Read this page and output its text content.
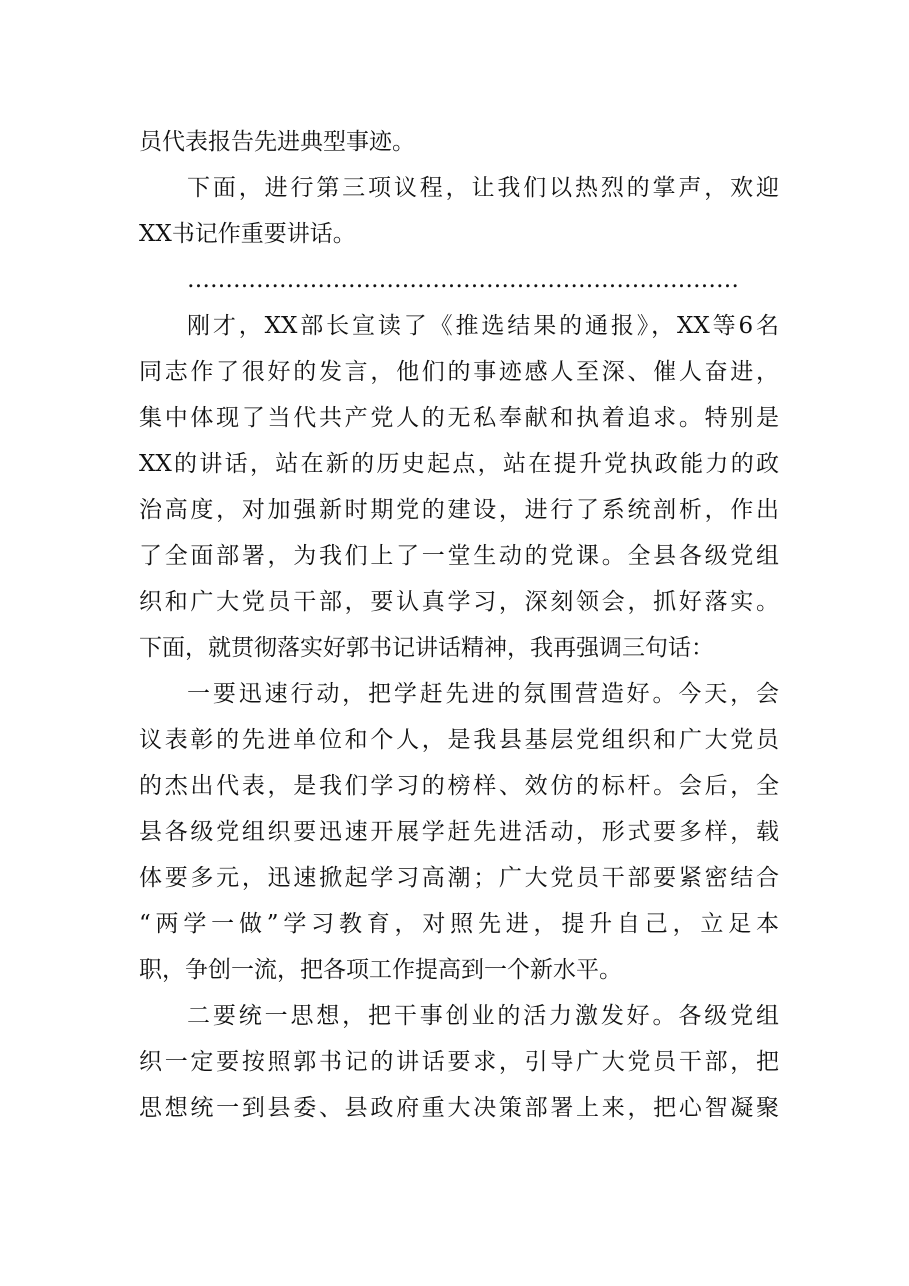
员代表报告先进典型事迹。

下面，进行第三项议程，让我们以热烈的掌声，欢迎

XX书记作重要讲话。

………………………………………………………………

刚才，XX部长宣读了《推选结果的通报》，XX等6名

同志作了很好的发言，他们的事迹感人至深、催人奋进，

集中体现了当代共产党人的无私奉献和执着追求。特别是

XX的讲话，站在新的历史起点，站在提升党执政能力的政

治高度，对加强新时期党的建设，进行了系统剖析，作出

了全面部署，为我们上了一堂生动的党课。全县各级党组

织和广大党员干部，要认真学习，深刻领会，抓好落实。

下面，就贯彻落实好郭书记讲话精神，我再强调三句话：

一要迅速行动，把学赶先进的氛围营造好。今天，会

议表彰的先进单位和个人，是我县基层党组织和广大党员

的杰出代表，是我们学习的榜样、效仿的标杆。会后，全

县各级党组织要迅速开展学赶先进活动，形式要多样，载

体要多元，迅速掀起学习高潮；广大党员干部要紧密结合

“两学一做”学习教育，对照先进，提升自己，立足本

职，争创一流，把各项工作提高到一个新水平。

二要统一思想，把干事创业的活力激发好。各级党组

织一定要按照郭书记的讲话要求，引导广大党员干部，把

思想统一到县委、县政府重大决策部署上来，把心智凝聚
